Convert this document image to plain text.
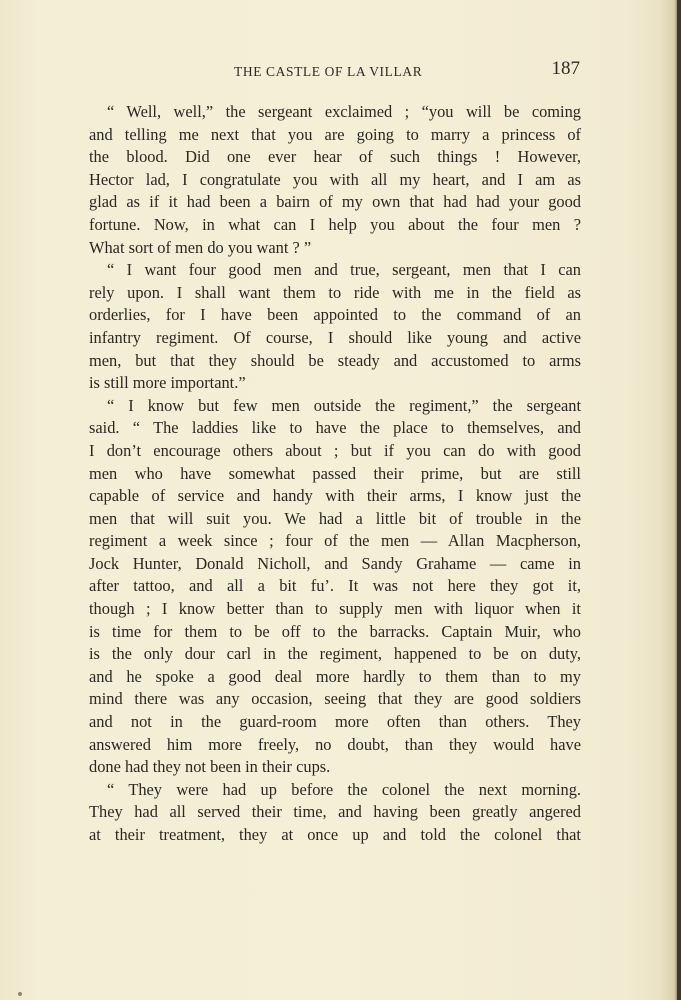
THE CASTLE OF LA VILLAR	187
“ Well, well,” the sergeant exclaimed ; “you will be coming
and telling me next that you are going to marry a princess of
the blood. Did one ever hear of such things ! However,
Hector lad, I congratulate you with all my heart, and I am as
glad as if it had been a bairn of my own that had had your good
fortune. Now, in what can I help you about the four men ?
What sort of men do you want ? ”
“ I want four good men and true, sergeant, men that I can
rely upon. I shall want them to ride with me in the field as
orderlies, for I have been appointed to the command of an
infantry regiment. Of course, I should like young and active
men, but that they should be steady and accustomed to arms
is still more important.”
“ I know but few men outside the regiment,” the sergeant
said. “ The laddies like to have the place to themselves, and
I don’t encourage others about ; but if you can do with good
men who have somewhat passed their prime, but are still
capable of service and handy with their arms, I know just the
men that will suit you. We had a little bit of trouble in the
regiment a week since ; four of the men — Allan Macpherson,
Jock Hunter, Donald Nicholl, and Sandy Grahame — came in
after tattoo, and all a bit fu’. It was not here they got it,
though ; I know better than to supply men with liquor when it
is time for them to be off to the barracks. Captain Muir, who
is the only dour carl in the regiment, happened to be on duty,
and he spoke a good deal more hardly to them than to my
mind there was any occasion, seeing that they are good soldiers
and not in the guard-room more often than others. They
answered him more freely, no doubt, than they would have
done had they not been in their cups.
“ They were had up before the colonel the next morning.
They had all served their time, and having been greatly angered
at their treatment, they at once up and told the colonel that
